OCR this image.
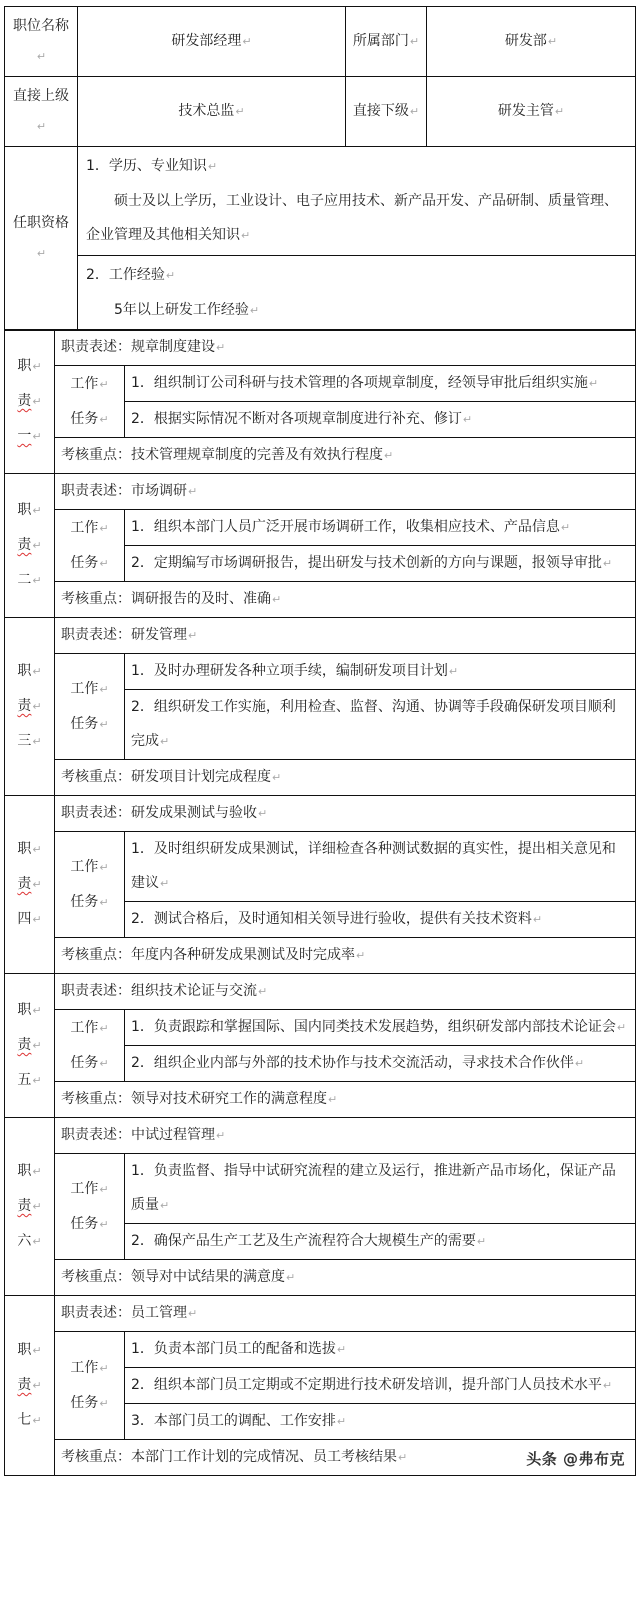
职位名称↵	研发部经理↵	所属部门↵	研发部↵
直接上级↵	技术总监↵	直接下级↵	研发主管↵
任职资格↵	
1．学历、专业知识↵
硕士及以上学历，工业设计、电子应用技术、新产品开发、产品研制、质量管理、企业管理及其他相关知识↵

2．工作经验↵
5年以上研发工作经验↵
职↵
责↵
一↵	职责表述：规章制度建设↵	

	工作↵
任务↵	1．组织制订公司科研与技术管理的各项规章制度，经领导审批后组织实施↵
		2．根据实际情况不断对各项规章制度进行补充、修订↵
	考核重点：技术管理规章制度的完善及有效执行程度↵	

职↵
责↵
二↵	职责表述：市场调研↵	

	工作↵
任务↵	1．组织本部门人员广泛开展市场调研工作，收集相应技术、产品信息↵
		2．定期编写市场调研报告，提出研发与技术创新的方向与课题，报领导审批↵
	考核重点：调研报告的及时、准确↵	

职↵
责↵
三↵	职责表述：研发管理↵	

	工作↵
任务↵	1．及时办理研发各种立项手续，编制研发项目计划↵
		2．组织研发工作实施，利用检查、监督、沟通、协调等手段确保研发项目顺利完成↵
	考核重点：研发项目计划完成程度↵	

职↵
责↵
四↵	职责表述：研发成果测试与验收↵	

	工作↵
任务↵	1．及时组织研发成果测试，详细检查各种测试数据的真实性，提出相关意见和建议↵
		2．测试合格后，及时通知相关领导进行验收，提供有关技术资料↵
	考核重点：年度内各种研发成果测试及时完成率↵	

职↵
责↵
五↵	职责表述：组织技术论证与交流↵	

	工作↵
任务↵	1．负责跟踪和掌握国际、国内同类技术发展趋势，组织研发部内部技术论证会↵
		2．组织企业内部与外部的技术协作与技术交流活动，寻求技术合作伙伴↵
	考核重点：领导对技术研究工作的满意程度↵	

职↵
责↵
六↵	职责表述：中试过程管理↵	

	工作↵
任务↵	1．负责监督、指导中试研究流程的建立及运行，推进新产品市场化，保证产品质量↵
		2．确保产品生产工艺及生产流程符合大规模生产的需要↵
	考核重点：领导对中试结果的满意度↵	

职↵
责↵
七↵	职责表述：员工管理↵	

	工作↵
任务↵	1．负责本部门员工的配备和选拔↵
		2．组织本部门员工定期或不定期进行技术研发培训，提升部门人员技术水平↵
		3．本部门员工的调配、工作安排↵
	考核重点：本部门工作计划的完成情况、员工考核结果↵		头条 @弗布克
